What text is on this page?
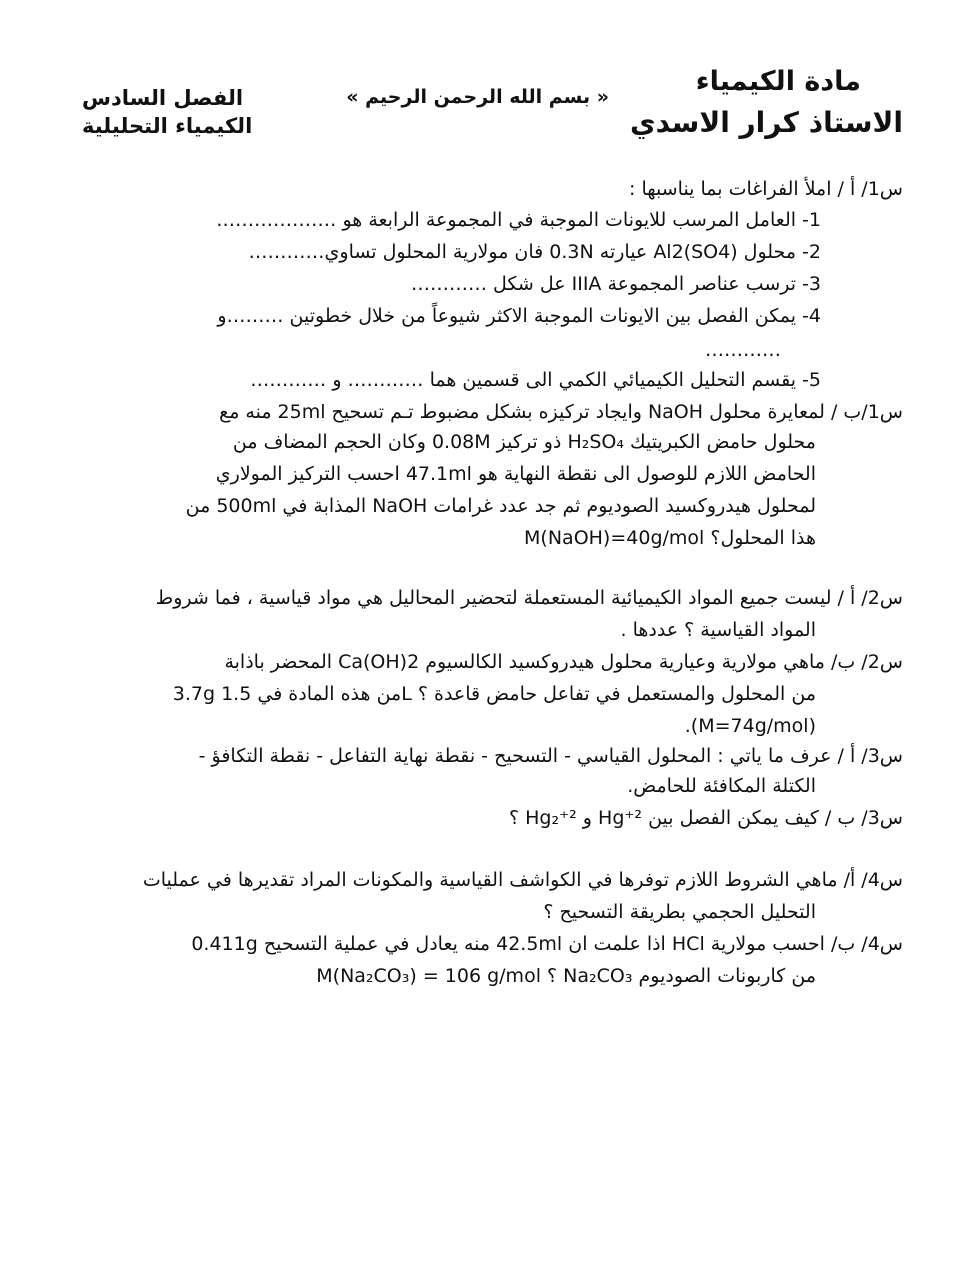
مادة الكيمياء
الاستاذ كرار الاسدي
« بسم الله الرحمن الرحيم »
الفصل السادس
الكيمياء التحليلية
س1/ أ / املأ الفراغات بما يناسبها :
1- العامل المرسب للايونات الموجبة في المجموعة الرابعة هو ……………….
2- محلول Al2(SO4) عيارته 0.3N فان مولارية المحلول تساوي…………
3- ترسب عناصر المجموعة IIIA عل شكل …………
4- يمكن الفصل بين الايونات الموجبة الاكثر شيوعاً من خلال خطوتين ………و
…………
5- يقسم التحليل الكيميائي الكمي الى قسمين هما ………… و …………
س1/ب / لمعايرة محلول NaOH وايجاد تركيزه بشكل مضبوط تـم تسحيح 25ml منه مع
محلول حامض الكبريتيك H₂SO₄ ذو تركيز 0.08M وكان الحجم المضاف من
الحامض اللازم للوصول الى نقطة النهاية هو 47.1ml احسب التركيز المولاري
لمحلول هيدروكسيد الصوديوم ثم جد عدد غرامات NaOH المذابة في 500ml من
هذا المحلول؟ M(NaOH)=40g/mol
س2/ أ / ليست جميع المواد الكيميائية المستعملة لتحضير المحاليل هي مواد قياسية ، فما شروط
المواد القياسية ؟ عددها .
س2/ ب/ ماهي مولارية وعيارية محلول هيدروكسيد الكالسيوم Ca(OH)2 المحضر باذابة
3.7g من هذه المادة في 1.5L من المحلول والمستعمل في تفاعل حامض قاعدة ؟
.(M=74g/mol)
س3/ أ / عرف ما ياتي : المحلول القياسي - التسحيح - نقطة نهاية التفاعل - نقطة التكافؤ -
الكتلة المكافئة للحامض.
س3/ ب / كيف يمكن الفصل بين Hg⁺² و Hg₂⁺² ؟
س4/ أ/ ماهي الشروط اللازم توفرها في الكواشف القياسية والمكونات المراد تقديرها في عمليات
التحليل الحجمي بطريقة التسحيح ؟
س4/ ب/ احسب مولارية HCl اذا علمت ان 42.5ml منه يعادل في عملية التسحيح 0.411g
من كاربونات الصوديوم Na₂CO₃ ؟ M(Na₂CO₃) = 106 g/mol
